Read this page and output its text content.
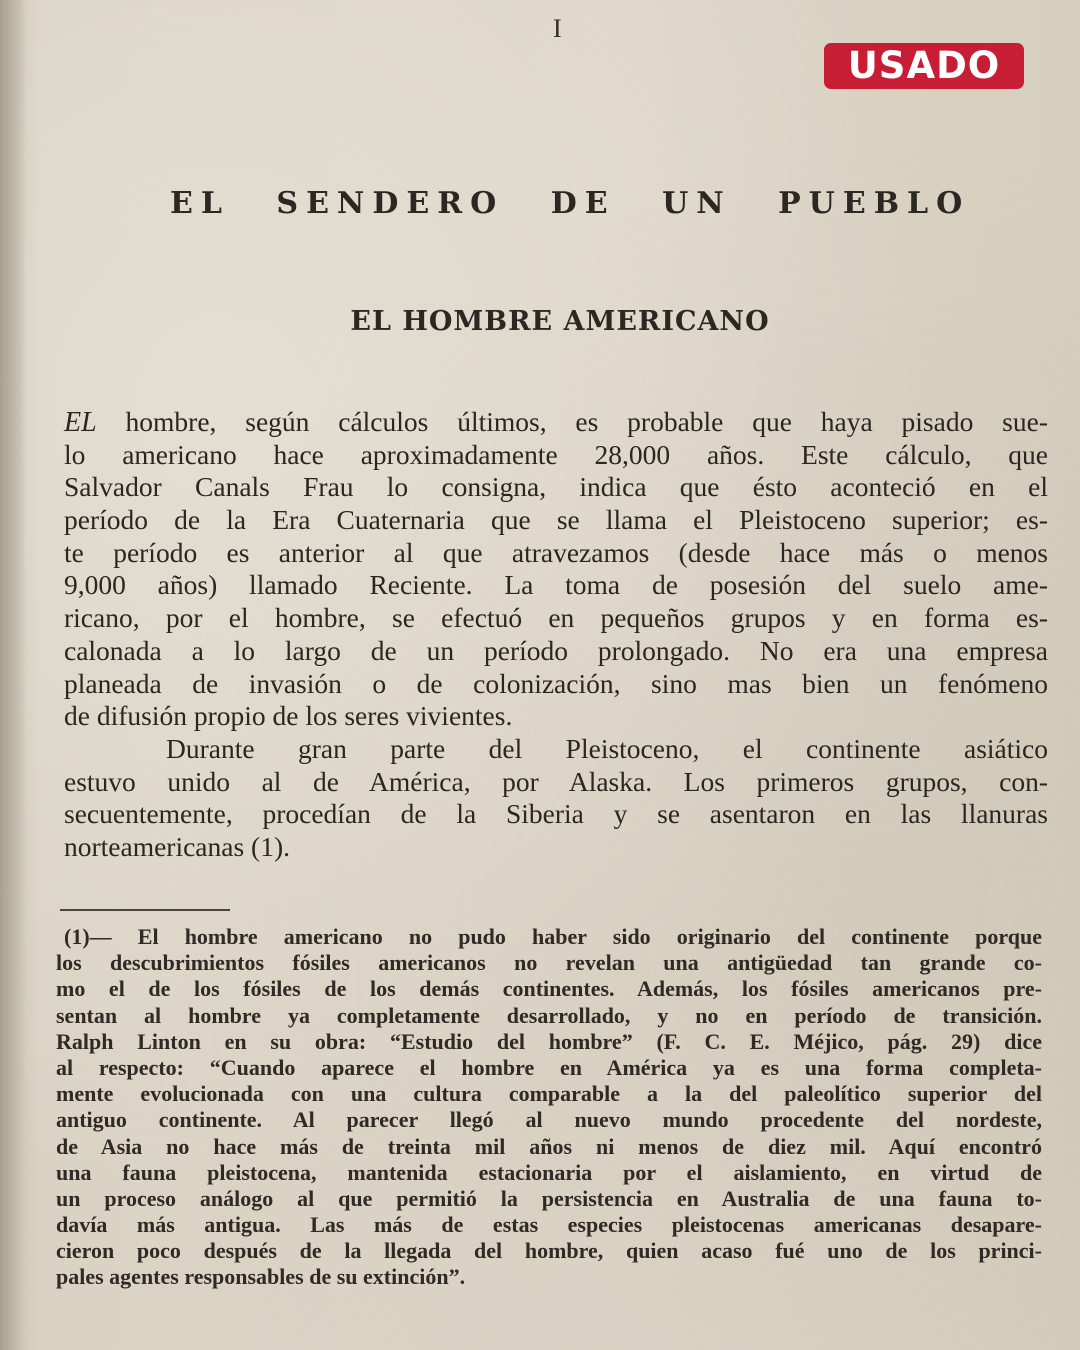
I
USADO
EL SENDERO DE UN PUEBLO
EL HOMBRE AMERICANO
EL hombre, según cálculos últimos, es probable que haya pisado sue-
lo americano hace aproximadamente 28,000 años. Este cálculo, que
Salvador Canals Frau lo consigna, indica que ésto aconteció en el
período de la Era Cuaternaria que se llama el Pleistoceno superior; es-
te período es anterior al que atravezamos (desde hace más o menos
9,000 años) llamado Reciente. La toma de posesión del suelo ame-
ricano, por el hombre, se efectuó en pequeños grupos y en forma es-
calonada a lo largo de un período prolongado. No era una empresa
planeada de invasión o de colonización, sino mas bien un fenómeno
de difusión propio de los seres vivientes.
Durante gran parte del Pleistoceno, el continente asiático
estuvo unido al de América, por Alaska. Los primeros grupos, con-
secuentemente, procedían de la Siberia y se asentaron en las llanuras
norteamericanas (1).
(1)— El hombre americano no pudo haber sido originario del continente porque
los descubrimientos fósiles americanos no revelan una antigüedad tan grande co-
mo el de los fósiles de los demás continentes. Además, los fósiles americanos pre-
sentan al hombre ya completamente desarrollado, y no en período de transición.
Ralph Linton en su obra: “Estudio del hombre” (F. C. E. Méjico, pág. 29) dice
al respecto: “Cuando aparece el hombre en América ya es una forma completa-
mente evolucionada con una cultura comparable a la del paleolítico superior del
antiguo continente. Al parecer llegó al nuevo mundo procedente del nordeste,
de Asia no hace más de treinta mil años ni menos de diez mil. Aquí encontró
una fauna pleistocena, mantenida estacionaria por el aislamiento, en virtud de
un proceso análogo al que permitió la persistencia en Australia de una fauna to-
davía más antigua. Las más de estas especies pleistocenas americanas desapare-
cieron poco después de la llegada del hombre, quien acaso fué uno de los princi-
pales agentes responsables de su extinción”.
